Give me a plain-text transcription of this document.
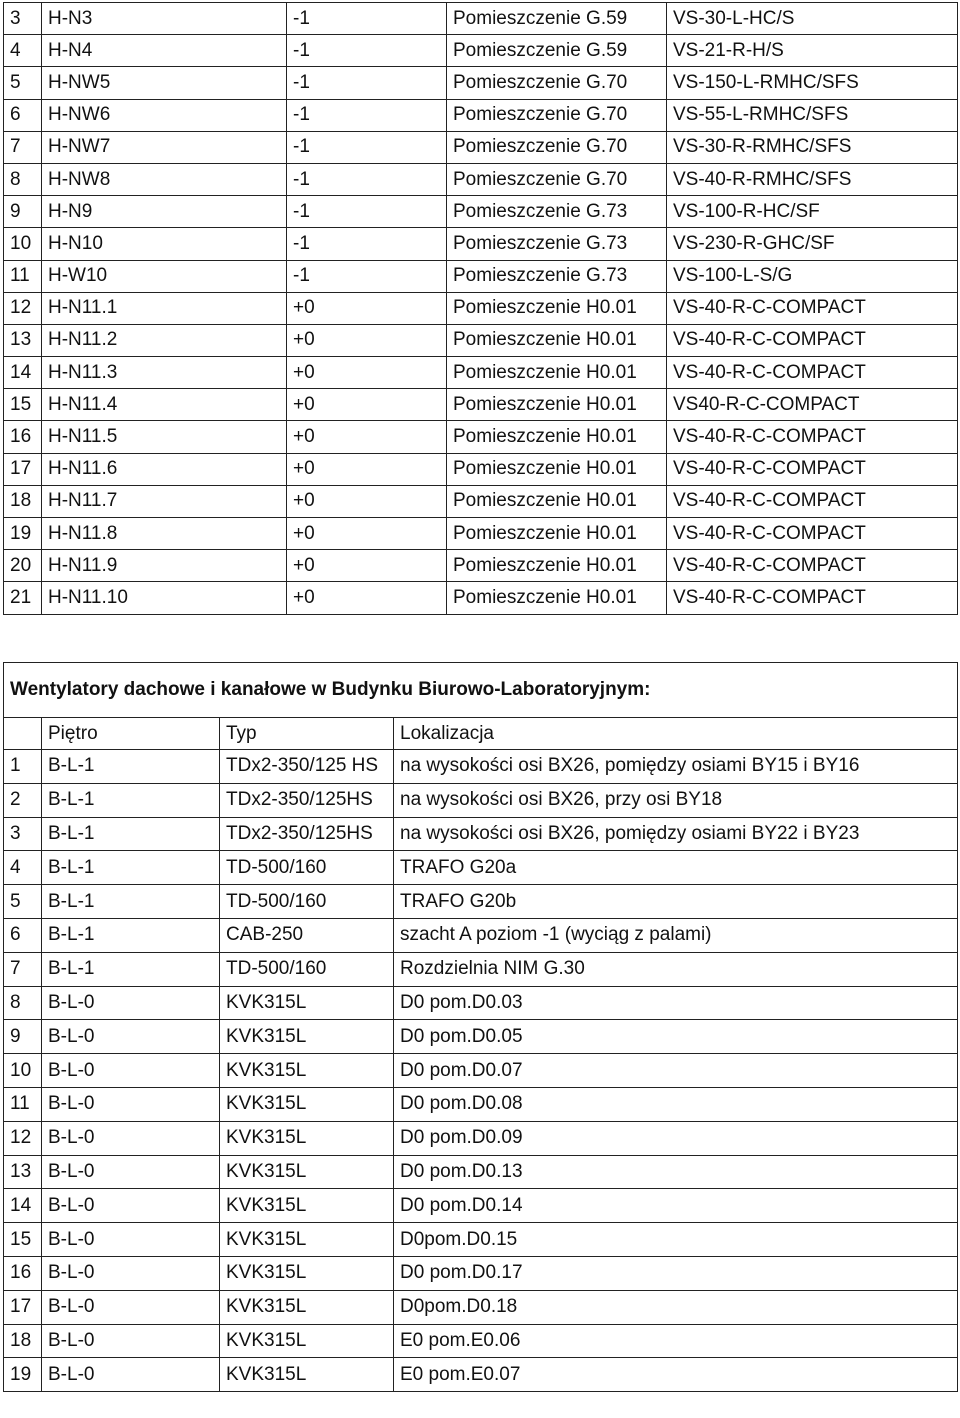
3	H-N3	-1	Pomieszczenie G.59	VS-30-L-HC/S
4	H-N4	-1	Pomieszczenie G.59	VS-21-R-H/S
5	H-NW5	-1	Pomieszczenie G.70	VS-150-L-RMHC/SFS
6	H-NW6	-1	Pomieszczenie G.70	VS-55-L-RMHC/SFS
7	H-NW7	-1	Pomieszczenie G.70	VS-30-R-RMHC/SFS
8	H-NW8	-1	Pomieszczenie G.70	VS-40-R-RMHC/SFS
9	H-N9	-1	Pomieszczenie G.73	VS-100-R-HC/SF
10	H-N10	-1	Pomieszczenie G.73	VS-230-R-GHC/SF
11	H-W10	-1	Pomieszczenie G.73	VS-100-L-S/G
12	H-N11.1	+0	Pomieszczenie H0.01	VS-40-R-C-COMPACT
13	H-N11.2	+0	Pomieszczenie H0.01	VS-40-R-C-COMPACT
14	H-N11.3	+0	Pomieszczenie H0.01	VS-40-R-C-COMPACT
15	H-N11.4	+0	Pomieszczenie H0.01	VS40-R-C-COMPACT
16	H-N11.5	+0	Pomieszczenie H0.01	VS-40-R-C-COMPACT
17	H-N11.6	+0	Pomieszczenie H0.01	VS-40-R-C-COMPACT
18	H-N11.7	+0	Pomieszczenie H0.01	VS-40-R-C-COMPACT
19	H-N11.8	+0	Pomieszczenie H0.01	VS-40-R-C-COMPACT
20	H-N11.9	+0	Pomieszczenie H0.01	VS-40-R-C-COMPACT
21	H-N11.10	+0	Pomieszczenie H0.01	VS-40-R-C-COMPACT
Wentylatory dachowe i kanałowe w Budynku Biurowo-Laboratoryjnym:			
	Piętro	Typ	Lokalizacja
1	B-L-1	TDx2-350/125 HS	na wysokości osi BX26, pomiędzy osiami BY15 i BY16
2	B-L-1	TDx2-350/125HS	na wysokości osi BX26, przy osi BY18
3	B-L-1	TDx2-350/125HS	na wysokości osi BX26, pomiędzy osiami BY22 i BY23
4	B-L-1	TD-500/160	TRAFO G20a
5	B-L-1	TD-500/160	TRAFO G20b
6	B-L-1	CAB-250	szacht A poziom -1 (wyciąg z palami)
7	B-L-1	TD-500/160	Rozdzielnia NIM G.30
8	B-L-0	KVK315L	D0 pom.D0.03
9	B-L-0	KVK315L	D0 pom.D0.05
10	B-L-0	KVK315L	D0 pom.D0.07
11	B-L-0	KVK315L	D0 pom.D0.08
12	B-L-0	KVK315L	D0 pom.D0.09
13	B-L-0	KVK315L	D0 pom.D0.13
14	B-L-0	KVK315L	D0 pom.D0.14
15	B-L-0	KVK315L	D0pom.D0.15
16	B-L-0	KVK315L	D0 pom.D0.17
17	B-L-0	KVK315L	D0pom.D0.18
18	B-L-0	KVK315L	E0 pom.E0.06
19	B-L-0	KVK315L	E0 pom.E0.07
